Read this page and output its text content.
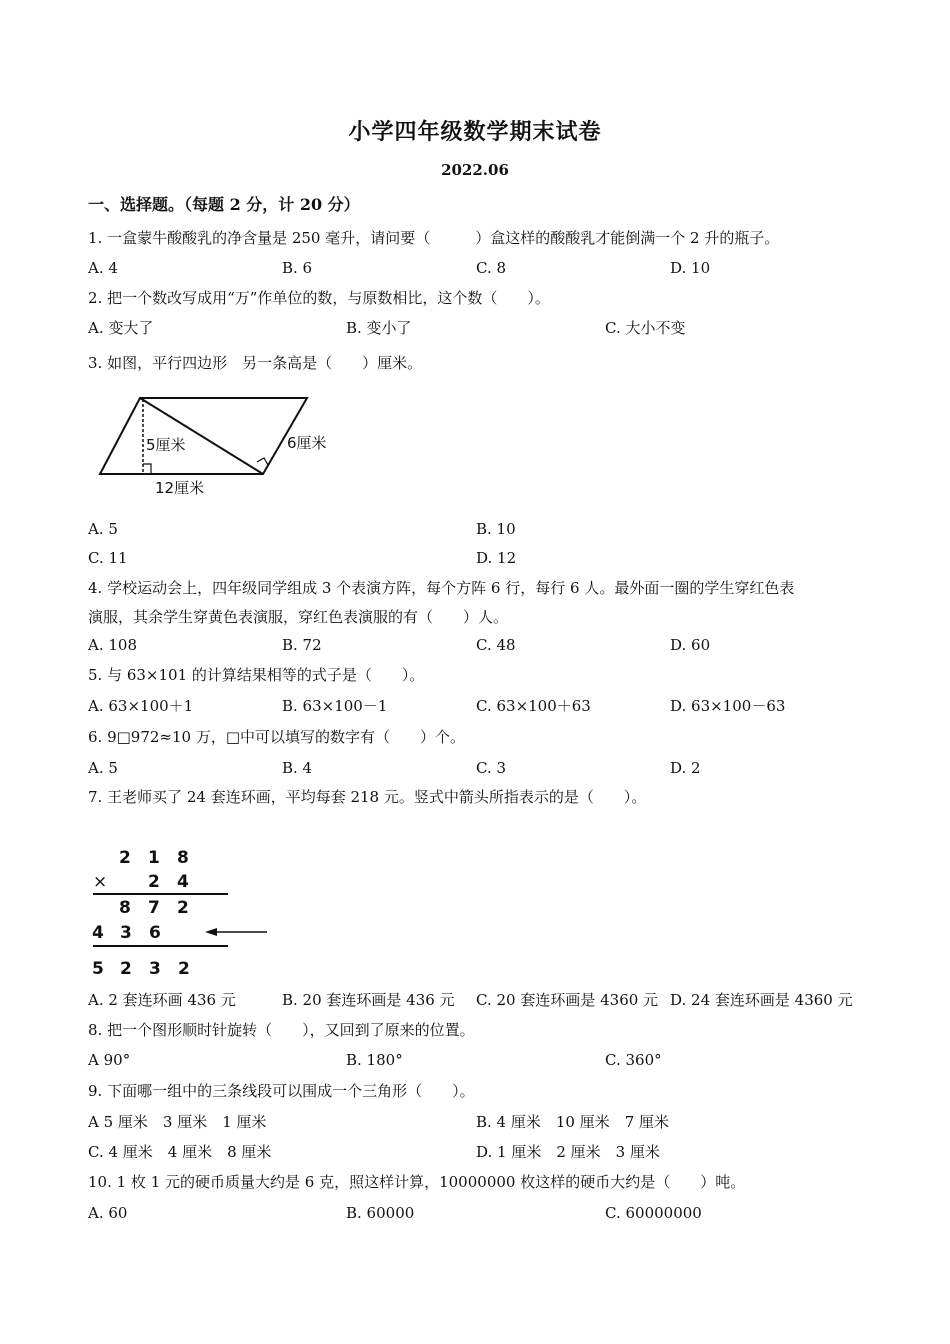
小学四年级数学期末试卷
2022.06
一、选择题。（每题 2 分，计 20 分）
1. 一盒蒙牛酸酸乳的净含量是 250 毫升，请问要（　　　）盒这样的酸酸乳才能倒满一个 2 升的瓶子。
A. 4	B. 6	C. 8	D. 10
2. 把一个数改写成用“万”作单位的数，与原数相比，这个数（　　）。
A. 变大了	B. 变小了	C. 大小不变
3. 如图，平行四边形　另一条高是（　　）厘米。
5厘米	6厘米
12厘米
A. 5	B. 10
C. 11	D. 12
4. 学校运动会上，四年级同学组成 3 个表演方阵，每个方阵 6 行，每行 6 人。最外面一圈的学生穿红色表
演服，其余学生穿黄色表演服，穿红色表演服的有（　　）人。
A. 108	B. 72	C. 48	D. 60
5. 与 63×101 的计算结果相等的式子是（　　）。
A. 63×100＋1	B. 63×100－1	C. 63×100＋63	D. 63×100－63
6. 9□972≈10 万，□中可以填写的数字有（　　）个。
A. 5	B. 4	C. 3	D. 2
7. 王老师买了 24 套连环画，平均每套 218 元。竖式中箭头所指表示的是（　　）。
2 1 8
× 2 4
8 7 2
4 3 6
5 2 3 2
A. 2 套连环画 436 元	B. 20 套连环画是 436 元 C. 20 套连环画是 4360 元 D. 24 套连环画是 4360 元
8. 把一个图形顺时针旋转（　　），又回到了原来的位置。
A 90°	B. 180°	C. 360°
9. 下面哪一组中的三条线段可以围成一个三角形（　　）。
A 5 厘米　3 厘米　1 厘米	B. 4 厘米　10 厘米　7 厘米
C. 4 厘米　4 厘米　8 厘米	D. 1 厘米　2 厘米　3 厘米
10. 1 枚 1 元的硬币质量大约是 6 克，照这样计算，10000000 枚这样的硬币大约是（　　）吨。
A. 60	B. 60000	C. 60000000
